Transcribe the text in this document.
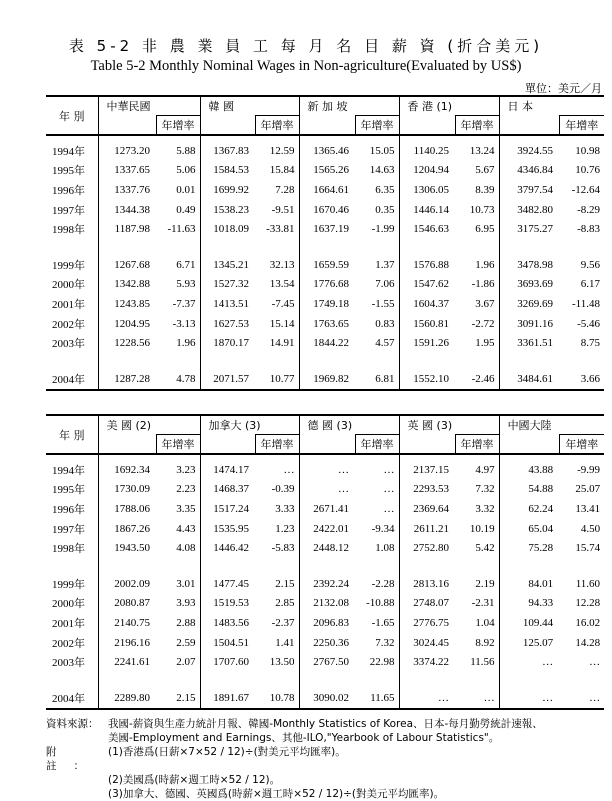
表 5-2 非 農 業 員 工 每 月 名 目 薪 資 (折合美元)
Table 5-2 Monthly Nominal Wages in Non-agriculture(Evaluated by US$)
單位：美元／月
年 別	中華民國		韓 國		新 加 坡		香 港 (1)		日 本	
		年增率		年增率		年增率		年增率		年增率

1994年	1273.20	5.88	1367.83	12.59	1365.46	15.05	1140.25	13.24	3924.55	10.98
1995年	1337.65	5.06	1584.53	15.84	1565.26	14.63	1204.94	5.67	4346.84	10.76
1996年	1337.76	0.01	1699.92	7.28	1664.61	6.35	1306.05	8.39	3797.54	-12.64
1997年	1344.38	0.49	1538.23	-9.51	1670.46	0.35	1446.14	10.73	3482.80	-8.29
1998年	1187.98	-11.63	1018.09	-33.81	1637.19	-1.99	1546.63	6.95	3175.27	-8.83

1999年	1267.68	6.71	1345.21	32.13	1659.59	1.37	1576.88	1.96	3478.98	9.56
2000年	1342.88	5.93	1527.32	13.54	1776.68	7.06	1547.62	-1.86	3693.69	6.17
2001年	1243.85	-7.37	1413.51	-7.45	1749.18	-1.55	1604.37	3.67	3269.69	-11.48
2002年	1204.95	-3.13	1627.53	15.14	1763.65	0.83	1560.81	-2.72	3091.16	-5.46
2003年	1228.56	1.96	1870.17	14.91	1844.22	4.57	1591.26	1.95	3361.51	8.75

2004年	1287.28	4.78	2071.57	10.77	1969.82	6.81	1552.10	-2.46	3484.61	3.66
年 別	美 國 (2)		加拿大 (3)		德 國 (3)		英 國 (3)		中國大陸	
		年增率		年增率		年增率		年增率		年增率

1994年	1692.34	3.23	1474.17	…	…	…	2137.15	4.97	43.88	-9.99
1995年	1730.09	2.23	1468.37	-0.39	…	…	2293.53	7.32	54.88	25.07
1996年	1788.06	3.35	1517.24	3.33	2671.41	…	2369.64	3.32	62.24	13.41
1997年	1867.26	4.43	1535.95	1.23	2422.01	-9.34	2611.21	10.19	65.04	4.50
1998年	1943.50	4.08	1446.42	-5.83	2448.12	1.08	2752.80	5.42	75.28	15.74

1999年	2002.09	3.01	1477.45	2.15	2392.24	-2.28	2813.16	2.19	84.01	11.60
2000年	2080.87	3.93	1519.53	2.85	2132.08	-10.88	2748.07	-2.31	94.33	12.28
2001年	2140.75	2.88	1483.56	-2.37	2096.83	-1.65	2776.75	1.04	109.44	16.02
2002年	2196.16	2.59	1504.51	1.41	2250.36	7.32	3024.45	8.92	125.07	14.28
2003年	2241.61	2.07	1707.60	13.50	2767.50	22.98	3374.22	11.56	…	…

2004年	2289.80	2.15	1891.67	10.78	3090.02	11.65	…	…	…	…
資料來源： 我國-薪資與生產力統計月報、韓國-Monthly Statistics of Korea、日本-每月勤勞統計速報、
美國-Employment and Earnings、其他-ILO,"Yearbook of Labour Statistics"。
附 註：
(1)香港爲(日薪×7×52 / 12)÷(對美元平均匯率)。
(2)美國爲(時薪×週工時×52 / 12)。
(3)加拿大、德國、英國爲(時薪×週工時×52 / 12)÷(對美元平均匯率)。
